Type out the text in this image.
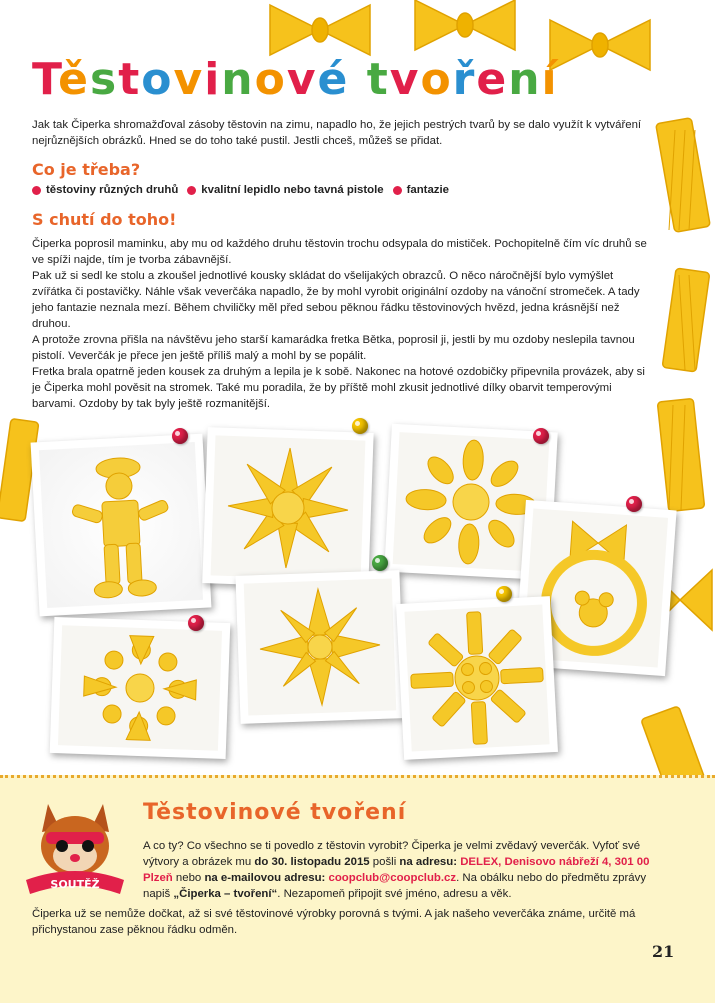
Těstovinové tvoření

Jak tak Čiperka shromažďoval zásoby těstovin na zimu, napadlo ho, že jejich pestrých tvarů by se dalo využít k vytváření nejrůznějších obrázků. Hned se do toho také pustil. Jestli chceš, můžeš se přidat.

Co je třeba?
těstoviny různých druhů kvalitní lepidlo nebo tavná pistole fantazie
S chutí do toho!

Čiperka poprosil maminku, aby mu od každého druhu těstovin trochu odsypala do mističek. Pochopitelně čím víc druhů se ve spíži najde, tím je tvorba zábavnější.

Pak už si sedl ke stolu a zkoušel jednotlivé kousky skládat do všelijakých obrazců. O něco náročnější bylo vymýšlet zvířátka či postavičky. Náhle však veverčáka napadlo, že by mohl vyrobit originální ozdoby na vánoční stromeček. A tady jeho fantazie neznala mezí. Během chviličky měl před sebou pěknou řádku těstovinových hvězd, jedna krásnější než druhou.

A protože zrovna přišla na návštěvu jeho starší kamarádka fretka Bětka, poprosil ji, jestli by mu ozdoby neslepila tavnou pistolí. Veverčák je přece jen ještě příliš malý a mohl by se popálit.

Fretka brala opatrně jeden kousek za druhým a lepila je k sobě. Nakonec na hotové ozdobičky připevnila provázek, aby si je Čiperka mohl pověsit na stromek. Také mu poradila, že by příště mohl zkusit jednotlivé dílky obarvit temperovými barvami. Ozdoby by tak byly ještě rozmanitější.

SOUTĚŽ
Těstovinové tvoření

A co ty? Co všechno se ti povedlo z těstovin vyrobit? Čiperka je velmi zvědavý veverčák. Vyfoť své výtvory a obrázek mu do 30. listopadu 2015 pošli na adresu: DELEX, Denisovo nábřeží 4, 301 00 Plzeň nebo na e-mailovou adresu: coopclub@coopclub.cz. Na obálku nebo do předmětu zprávy napiš „Čiperka – tvoření“. Nezapomeň připojit své jméno, adresu a věk.

Čiperka už se nemůže dočkat, až si své těstovinové výrobky porovná s tvými. A jak našeho veverčáka známe, určitě má přichystanou zase pěknou řádku odměn.

21
